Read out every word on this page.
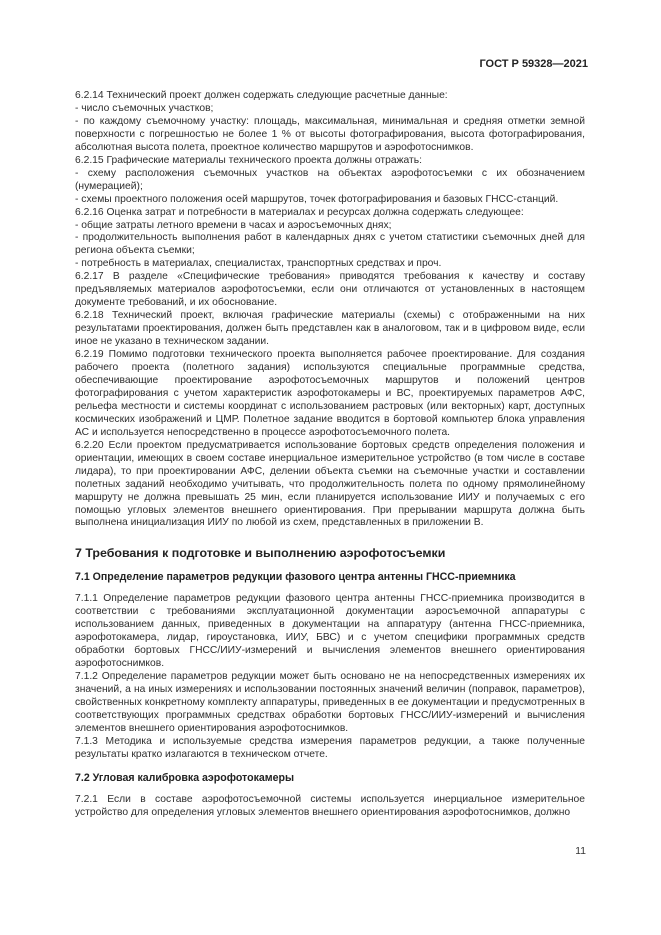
ГОСТ Р 59328—2021

6.2.14 Технический проект должен содержать следующие расчетные данные:

- число съемочных участков;

- по каждому съемочному участку: площадь, максимальная, минимальная и средняя отметки земной поверхности с погрешностью не более 1 % от высоты фотографирования, высота фотографирования, абсолютная высота полета, проектное количество маршрутов и аэрофотоснимков.

6.2.15 Графические материалы технического проекта должны отражать:

- схему расположения съемочных участков на объектах аэрофотосъемки с их обозначением (нумерацией);

- схемы проектного положения осей маршрутов, точек фотографирования и базовых ГНСС-станций.

6.2.16 Оценка затрат и потребности в материалах и ресурсах должна содержать следующее:

- общие затраты летного времени в часах и аэросъемочных днях;

- продолжительность выполнения работ в календарных днях с учетом статистики съемочных дней для региона объекта съемки;

- потребность в материалах, специалистах, транспортных средствах и проч.

6.2.17 В разделе «Специфические требования» приводятся требования к качеству и составу предъявляемых материалов аэрофотосъемки, если они отличаются от установленных в настоящем документе требований, и их обоснование.

6.2.18 Технический проект, включая графические материалы (схемы) с отображенными на них результатами проектирования, должен быть представлен как в аналоговом, так и в цифровом виде, если иное не указано в техническом задании.

6.2.19 Помимо подготовки технического проекта выполняется рабочее проектирование. Для создания рабочего проекта (полетного задания) используются специальные программные средства, обеспечивающие проектирование аэрофотосъемочных маршрутов и положений центров фотографирования с учетом характеристик аэрофотокамеры и ВС, проектируемых параметров АФС, рельефа местности и системы координат с использованием растровых (или векторных) карт, доступных космических изображений и ЦМР. Полетное задание вводится в бортовой компьютер блока управления АС и используется непосредственно в процессе аэрофотосъемочного полета.

6.2.20 Если проектом предусматривается использование бортовых средств определения положения и ориентации, имеющих в своем составе инерциальное измерительное устройство (в том числе в составе лидара), то при проектировании АФС, делении объекта съемки на съемочные участки и составлении полетных заданий необходимо учитывать, что продолжительность полета по одному прямолинейному маршруту не должна превышать 25 мин, если планируется использование ИИУ и получаемых с его помощью угловых элементов внешнего ориентирования. При прерывании маршрута должна быть выполнена инициализация ИИУ по любой из схем, представленных в приложении В.

7 Требования к подготовке и выполнению аэрофотосъемки
7.1 Определение параметров редукции фазового центра антенны ГНСС-приемника

7.1.1 Определение параметров редукции фазового центра антенны ГНСС-приемника производится в соответствии с требованиями эксплуатационной документации аэросъемочной аппаратуры с использованием данных, приведенных в документации на аппаратуру (антенна ГНСС-приемника, аэрофотокамера, лидар, гироустановка, ИИУ, БВС) и с учетом специфики программных средств обработки бортовых ГНСС/ИИУ-измерений и вычисления элементов внешнего ориентирования аэрофотоснимков.

7.1.2 Определение параметров редукции может быть основано не на непосредственных измерениях их значений, а на иных измерениях и использовании постоянных значений величин (поправок, параметров), свойственных конкретному комплекту аппаратуры, приведенных в ее документации и предусмотренных в соответствующих программных средствах обработки бортовых ГНСС/ИИУ-измерений и вычисления элементов внешнего ориентирования аэрофотоснимков.

7.1.3 Методика и используемые средства измерения параметров редукции, а также полученные результаты кратко излагаются в техническом отчете.

7.2 Угловая калибровка аэрофотокамеры

7.2.1 Если в составе аэрофотосъемочной системы используется инерциальное измерительное устройство для определения угловых элементов внешнего ориентирования аэрофотоснимков, должно

11
